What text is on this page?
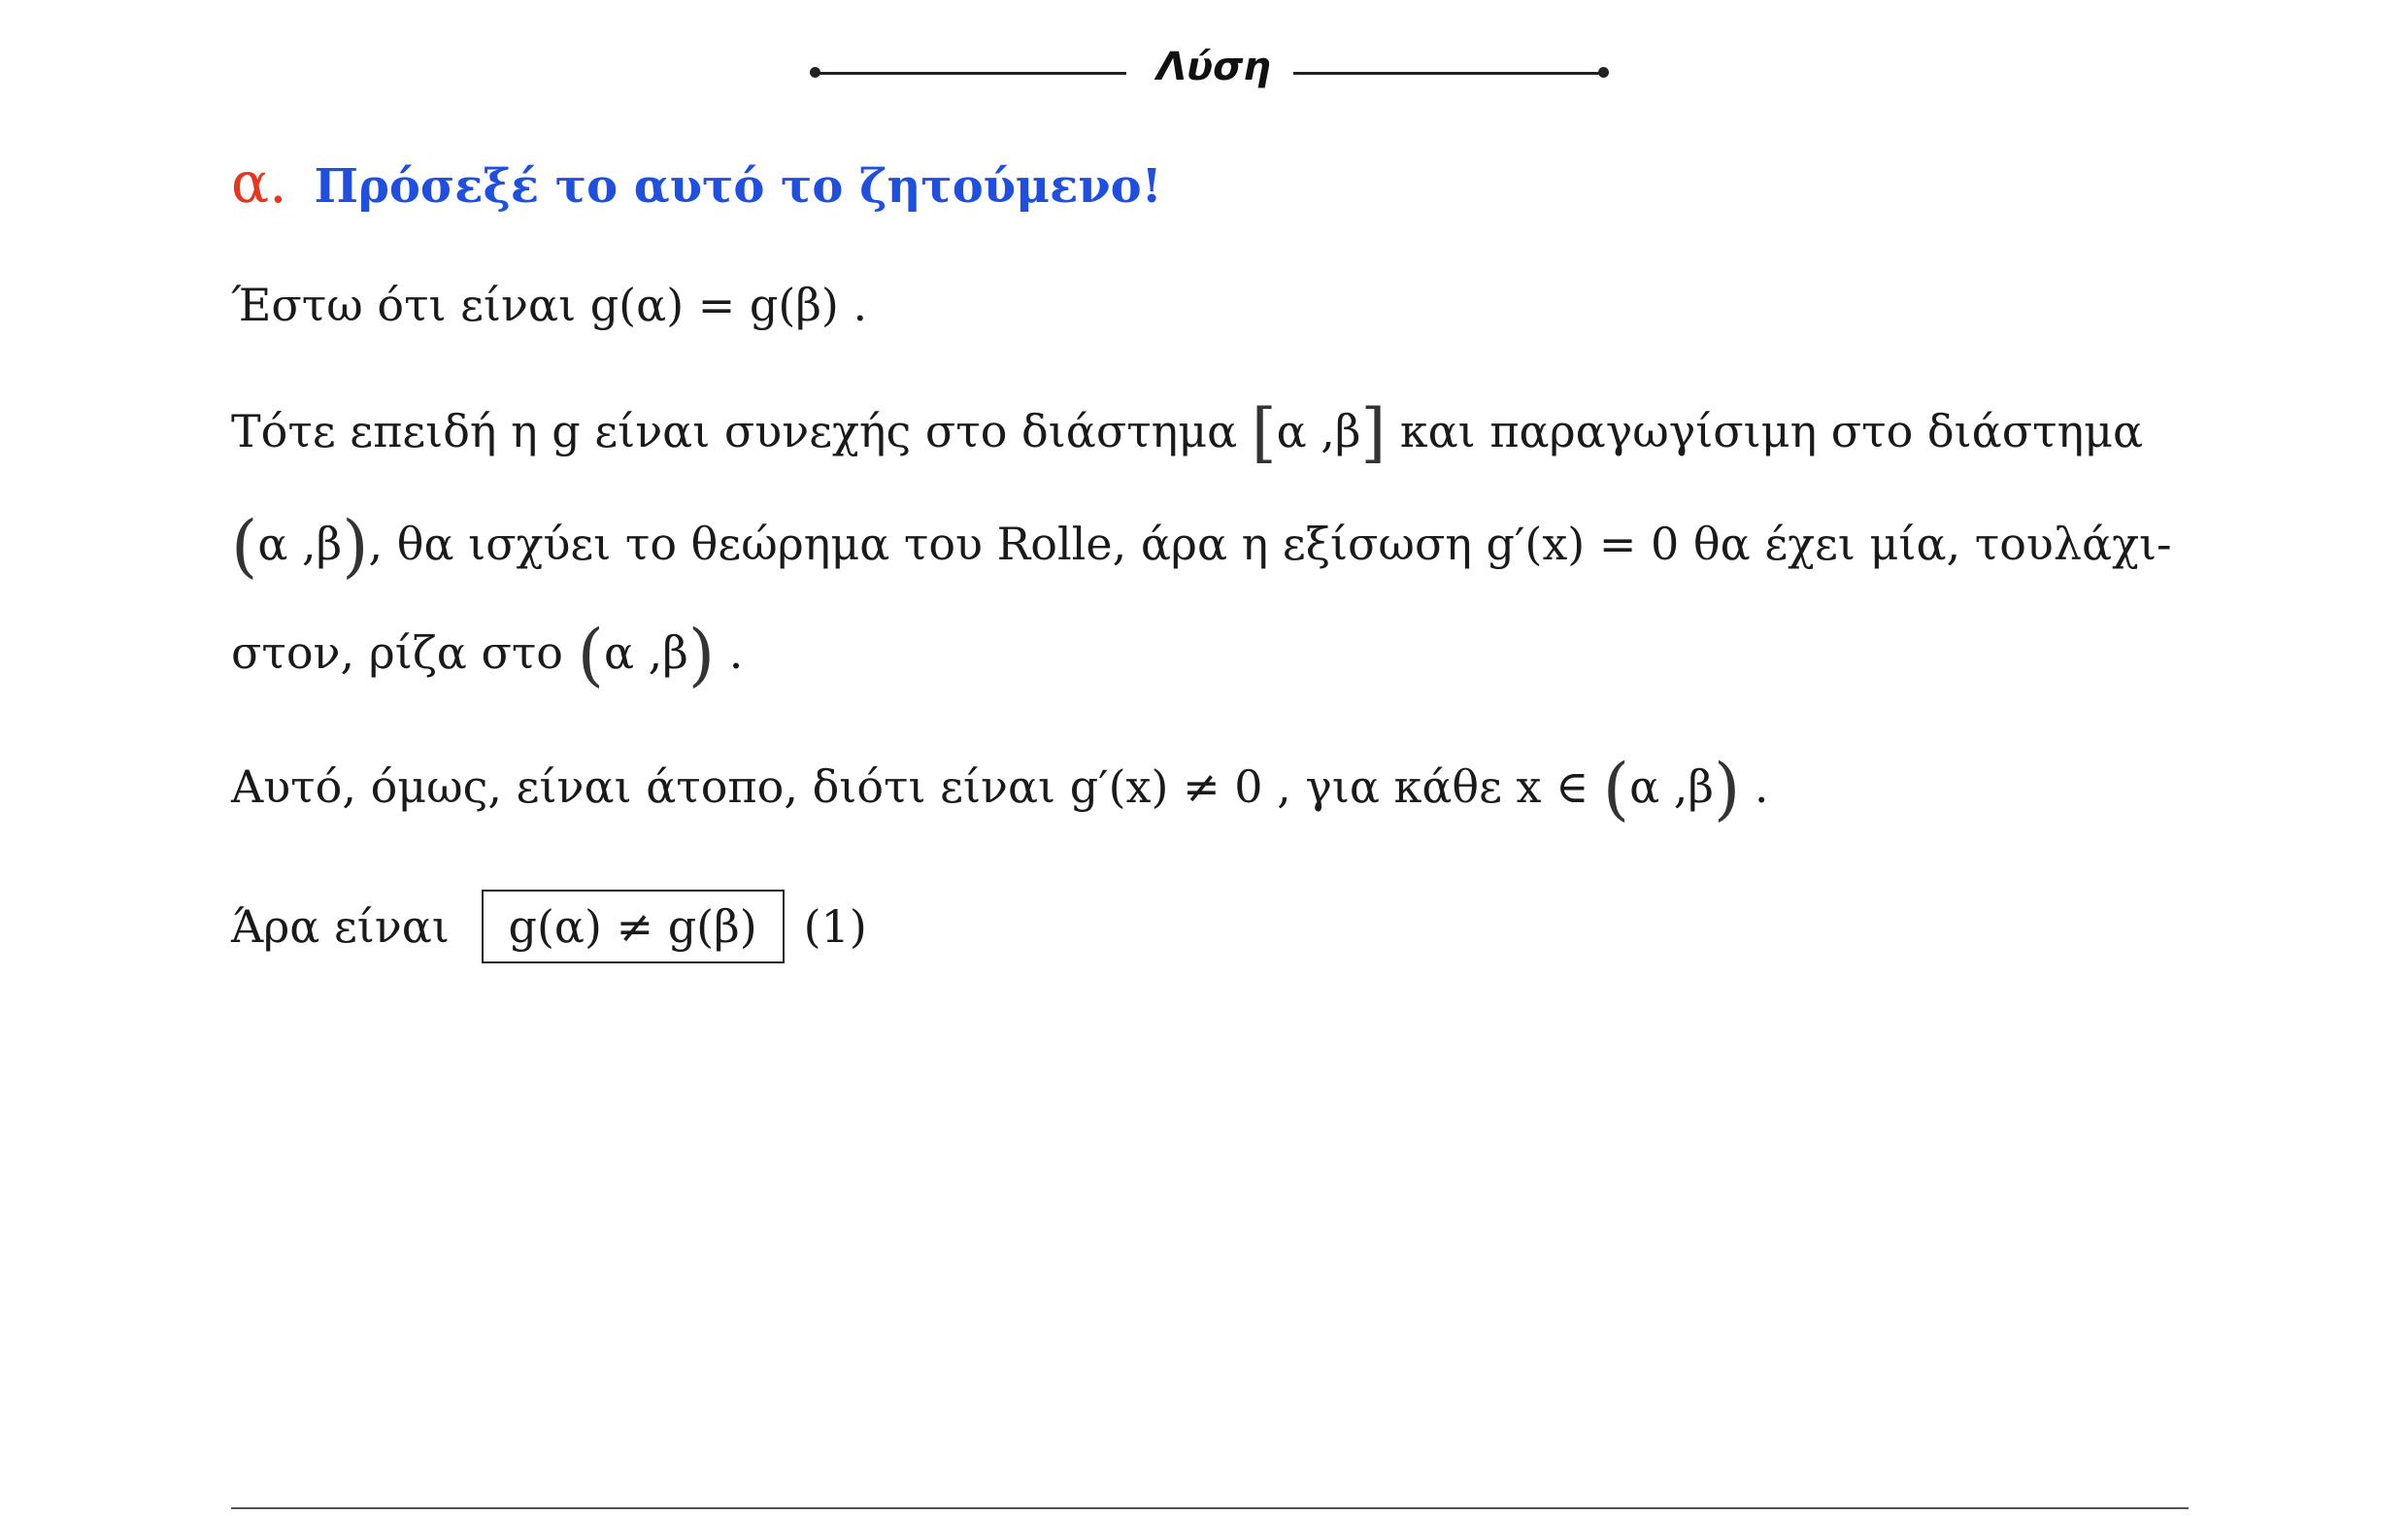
Λύση
α. Πρόσεξέ το αυτό το ζητούμενο!
Έστω ότι είναι g(α) = g(β) .
Τότε επειδή η g είναι συνεχής στο διάστημα [α ,β] και παραγωγίσιμη στο διάστημα
(α ,β), θα ισχύει το θεώρημα του Rolle, άρα η εξίσωση g′(x) = 0 θα έχει μία, τουλάχι-
στον, ρίζα στο (α ,β) .
Αυτό, όμως, είναι άτοπο, διότι είναι g′(x) ≠ 0 , για κάθε x ∈ (α ,β) .
Άρα είναι g(α) ≠ g(β) (1)
